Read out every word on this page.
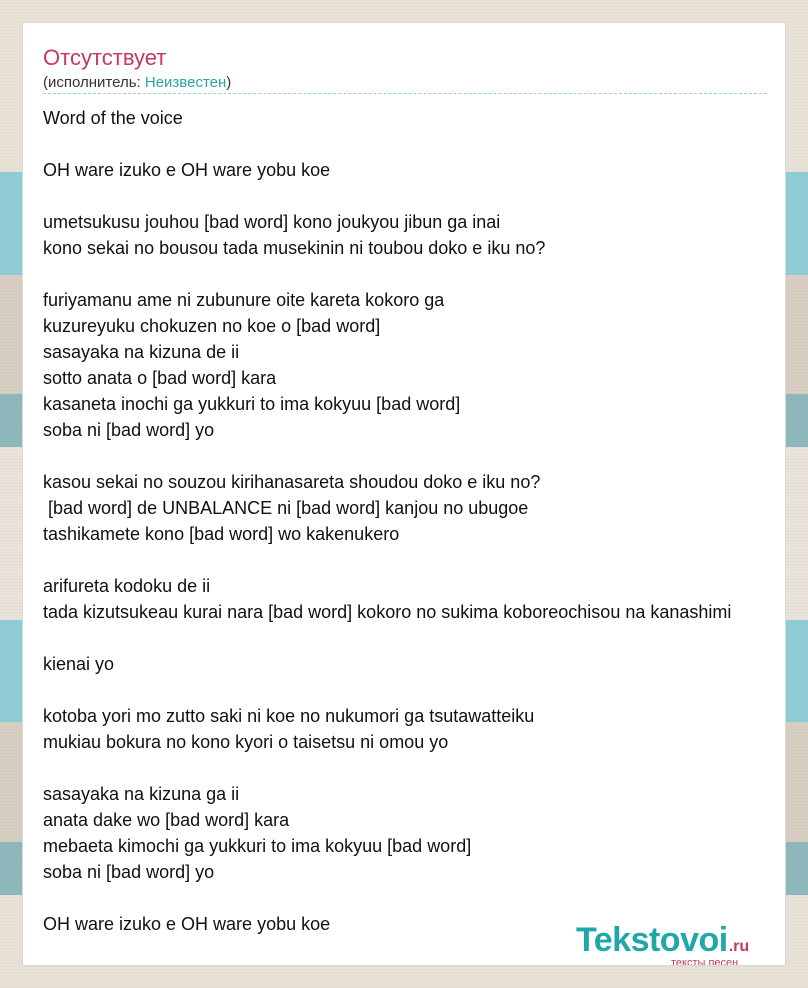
Отсутствует
(исполнитель: Неизвестен)
Word of the voice
OH ware izuko e OH ware yobu koe
umetsukusu jouhou [bad word] kono joukyou jibun ga inai
kono sekai no bousou tada musekinin ni toubou doko e iku no?
furiyamanu ame ni zubunure oite kareta kokoro ga
kuzureyuku chokuzen no koe o [bad word]
sasayaka na kizuna de ii
sotto anata o [bad word] kara
kasaneta inochi ga yukkuri to ima kokyuu [bad word]
soba ni [bad word] yo
kasou sekai no souzou kirihanasareta shoudou doko e iku no?
[bad word] de UNBALANCE ni [bad word] kanjou no ubugoe
tashikamete kono [bad word] wo kakenukero
arifureta kodoku de ii
tada kizutsukeau kurai nara [bad word] kokoro no sukima koboreochisou na kanashimi
kienai yo
kotoba yori mo zutto saki ni koe no nukumori ga tsutawatteiku
mukiau bokura no kono kyori o taisetsu ni omou yo
sasayaka na kizuna ga ii
anata dake wo [bad word] kara
mebaeta kimochi ga yukkuri to ima kokyuu [bad word]
soba ni [bad word] yo
OH ware izuko e OH ware yobu koe	Tekstovoi.ru
тексты песен
